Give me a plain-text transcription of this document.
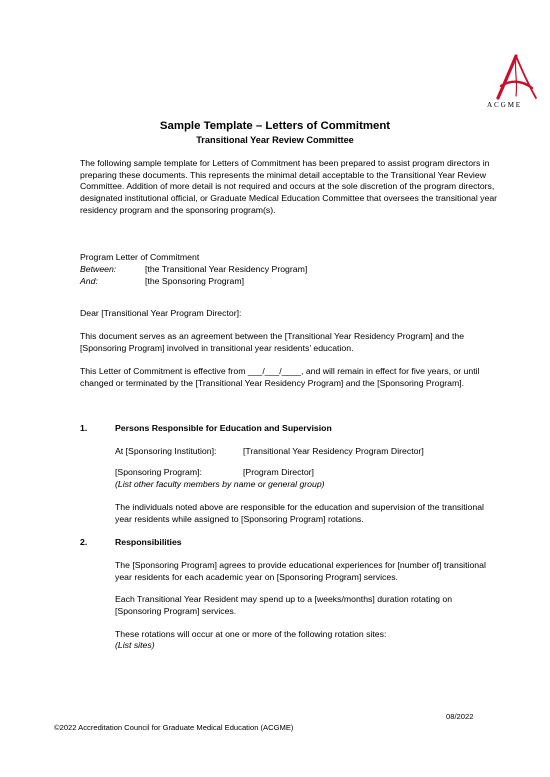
ACGME
Sample Template – Letters of Commitment
Transitional Year Review Committee

The following sample template for Letters of Commitment has been prepared to assist program directors in preparing these documents. This represents the minimal detail acceptable to the Transitional Year Review Committee. Addition of more detail is not required and occurs at the sole discretion of the program directors, designated institutional official, or Graduate Medical Education Committee that oversees the transitional year residency program and the sponsoring program(s).

Program Letter of Commitment
Between:	[the Transitional Year Residency Program]
And:	[the Sponsoring Program]
Dear [Transitional Year Program Director]:

This document serves as an agreement between the [Transitional Year Residency Program] and the [Sponsoring Program] involved in transitional year residents’ education.

This Letter of Commitment is effective from ___/___/____, and will remain in effect for five years, or until changed or terminated by the [Transitional Year Residency Program] and the [Sponsoring Program].

1.	Persons Responsible for Education and Supervision
At [Sponsoring Institution]:	[Transitional Year Residency Program Director]
[Sponsoring Program]:	[Program Director]
(List other faculty members by name or general group)

The individuals noted above are responsible for the education and supervision of the transitional year residents while assigned to [Sponsoring Program] rotations.

2.	Responsibilities

The [Sponsoring Program] agrees to provide educational experiences for [number of] transitional year residents for each academic year on [Sponsoring Program] services.

Each Transitional Year Resident may spend up to a [weeks/months] duration rotating on [Sponsoring Program] services.

These rotations will occur at one or more of the following rotation sites:
(List sites)
08/2022
©2022 Accreditation Council for Graduate Medical Education (ACGME)
